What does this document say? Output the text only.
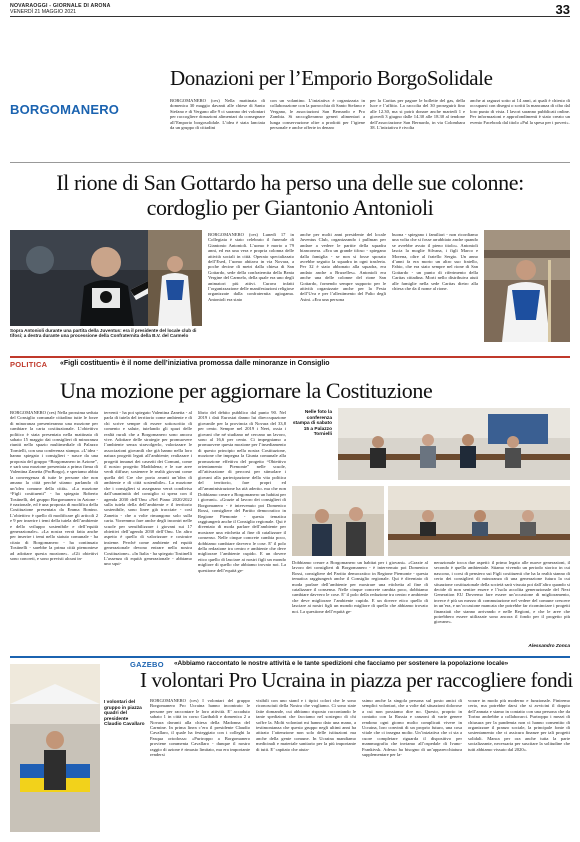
NOVARAOGGI - GIORNALE DI ARONA
VENERDÌ 21 MAGGIO 2021	33
Donazioni per l’Emporio BorgoSolidale
BORGOMANERO
BORGOMANERO (ces) Nella mattinata di domenica 30 maggio davanti alle chiese di Santo Stefano e di Vergano alle 9 ci saranno dei volontari per raccogliere donazioni alimentari da consegnare all’Emporio borgosolidale. L’idea è stata lanciata da un gruppo di cittadini
con un volantino. L’iniziativa è organizzata in collaborazione con la parrocchia di Santo Stefano e Vergano, le associazioni San Bernardo e Pro Zambia. Si raccoglieranno generi alimentari a lunga conservazione oltre a prodotti per l’igiene personale e anche offerte in denaro
per la Caritas per pagare le bollette del gas, della luce e l’affitto. La raccolta del 30 proseguirà fino alle 12.30, ma si potrà donare anche martedì 1 e giovedì 3 giugno dalle 14.30 alle 18.30 al tendone dell’associazione San Bernardo, in via Colombara 38. L’iniziativa è rivolta
anche ai ragazzi sotto ai 14 anni, ai quali è chiesto di occuparsi con disegni o scritti la mancanza di cibo dal loro punto di vista. I lavori saranno pubblicati online. Per informazioni e approfondimenti è stato creato un evento Facebook dal titolo «Pul la spesa per i poveri».
Il rione di San Gottardo ha perso una delle sue colonne:
cordoglio per Giantonio Antonioli
Sopra Antonioli durante una partita della Juventus: era il presidente del locale club di tifosi; a destra durante una processione della Confraternita della B.V. del Carmelo
BORGOMANERO (ces) Lunedì 17 in Collegiata è stato celebrato il funerale di Giantonio Antonioli. L’uomo è morto a 79 anni, ed era una vera e propria colonna delle attività sociali in città. Operaio specializzato dell’Esed, l’uomo abitava in via Novara, a poche decine di metri dalla chiesa di San Gottardo, sede della confraternita della Beata Vergine del Carmelo, della quale era uno degli animatori più attivi. Curava infatti l’organizzazione delle manifestazioni religiose organizzate dalla confraternita agiogama. Antonioli era stato
anche per molti anni presidente del locale Juventus Club, organizzando i pullman per andare a vedere le partite della squadra bianconera. «Era un grande tifoso - spiegano dalla famiglia - se non si fosse sposato avrebbe seguito la squadra in ogni trasferta. Per 32 è stato abbonato alla squadra, era andato anche a Bruxelles». Antonioli era anche una delle colonne del rione San Gottardo, fornendo sempre supporto per le attività organizzate anche per la Festa dell’Uva e per l’allestimento del Palio degli Asini. «Era una persona
buona - spiegano i familiari - non ricordiamo una volta che si fosse arrabbiato anche quando se avrebbe avuto il pieno titolo». Antonioli lascia la moglie Silvana, i figli Marco e Morena, oltre al fratello Sergio. Un anno d’anni fa era morto un altro suo fratello, Fabio, che era stato sempre nel rione di San Gottardo - un punto di riferimento della Caritas cittadina. Morti nello distribuiva aiuti alle famiglie nella sede Caritas dietro alla chiesa che da il nome al rione.
POLITICA «Figli costituenti» è il nome dell’iniziativa promossa dalle minoranze in Consiglio
Una mozione per aggiornare la Costituzione
BORGOMANERO (ces) Nella prossima seduta del Consiglio comunale cittadino tutte le forze di minoranza presenteranno una mozione per cambiare la carta costituzionale. L’obiettivo politico è stata presentata nella mattinata di sabato 15 maggio dai consiglieri di minoranza riuniti nello spazio multimediale di Palazzo Tornielli, con una conferenza stampa. «L’idea - hanno spiegato i consiglieri - nasce da una proposta del gruppo “Borgomanero in Azione”, e sarà una mozione presentata a prima firma di Valentina Zanetta (ProBorgo), e speriamo abbia la convergenza di tutte le persone che non amano la città perché stiamo parlando di un’idea comune della città». «La mozione “Figli costituenti” - ha spiegato Roberto Tostinelli, del gruppo Borgomanero in Azione - è nazionale, ed è una proposta di modifica della Costituzione presentata da Emma Bonino. L’obiettivo è quello di modificare gli articoli 2 e 9 per inserire i temi della tutela dell’ambiente e dello sviluppo sostenibile e dell’equità generazionale». «La nostra verrà fatta anche per inserire i temi nello statuto comunale - ha citato di Borgomanero - ha continuato Tostinelli - sarebbe la prima città piemontese ad adottare questa mozione». «Gli obiettivi sono concreti, e sono previsti alcuni in-
terventi - ha poi spiegato Valentina Zanetta - al parla di tutela del territorio come ambiente e di chi scrive sempre di essere sottoscritto di comento e salute, tutelando gli spazi delle realtà rurali che a Borgomanero sono ancora vive. Adottare delle strategie per promuovere l’ambiente senza stravolgerlo, valorizzare le associazioni giovanili che già hanno nella loro natura progetti legati all’ambiente; realizzare i progetti innanzi dei caseziti dei Comuni, come il nostro progetto Maddalena; e le sue aree verdi diffuse; sostenere le realtà giovani come quella del Cre che porta avanti un’idea di ambiente e di città sostenibile». La mozione che i consiglieri si assegnano verrà condivisa dall’unanimità del consiglio si spera con il agenda 2030 dell’Onu «Nel Piano 2020/2022 sulla tutela della dell’ambiente e il territorio sostenibile, sono linee già tracciate - così Zanetta - che a volte rimangono solo sulla carta. Vorremmo fare anche degli incontri nelle scuole per sensibilizzare i giovani sui 17 obiettivi dell’agenda 2030 dell’Onu. Un altro aspetto è quello di valorizzare e costruire insieme. Perché come ambiente ed equità generazionale devono entrare nella nostra Costituzione». «In Italia - ha spiegato Tostinelli L’assenza di equità generazionale - abbiamo uno squi-
librio del debito pubblico dal punto 90. Nel 2019 i dati Eurostat danno lui direccupazione giovanile per la provincia di Novara del 33,8 per cento. Sempre nel 2019 i Neet, ossia i giovani che né studiano né cercano un lavoro, sono al 16,6 per cento. Ci impegniamo a promuovere questa mozione per l’insediamento di questo principio nella nostra Costituzione, mozione che impegna la Giunta comunale alla promozione effettiva del progetto “Obiettivo orientamento Piemonte” nelle scuole, all’attivazione di percorsi per stimolare i giovani alla partecipazione della vita politica del territorio, fare propri ed all’amministrazione ha già aderito, ma che non
Nelle foto la conferenza stampa di sabato 15 a Palazzo Tornielli
Dobbiamo creare a Borgomanero un habitat per i giovani». «Grazie al lavoro dei consiglieri di Borgomanero - è intervenuto poi Domenico Rossi, consigliere del Partito democratico in Regione Piemonte - questa tematica raggiungerà anche il Consiglio regionale. Qui è diventato di moda parlare dell’ambiente per mostrare una etichetta al fine di catalizzare il consenso. Nelle cinque concrete cambia poco, dobbiamo cambiare davvero le cose. E’ il polo della redazione tra centro e ambiente che deve migliorare l’ambiente cupido. E un dovere etico quello di lasciare ai nostri figli un mondo migliore di quello che abbiamo trovato noi. La questione dell’equità ge-
Dobbiamo creare a Borgomanero un habitat per i giovani». «Grazie al lavoro dei consiglieri di Borgomanero - è intervenuto poi Domenico Rossi, consigliere del Partito democratico in Regione Piemonte - questa tematica raggiungerà anche il Consiglio regionale. Qui è diventato di moda parlare dell’ambiente per mostrare una etichetta al fine di catalizzare il consenso. Nelle cinque concrete cambia poco, dobbiamo cambiare davvero le cose. E’ il polo della redazione tra centro e ambiente che deve migliorare l’ambiente cupido. E un dovere etico quello di lasciare ai nostri figli un mondo migliore di quello che abbiamo trovato noi. La questione dell’equità ge-
nerazionale tocca due aspetti: il primo legato alle nuove generazioni, il secondo è quello ambientale. Stiamo vivendo un periodo storico in cui nascono, i corsi di pensiero sui Figli costituenti che ha la realtà stanno di certo dei consiglieri di minoranza di una generazione futura la cui situazione costituzionale della società sarà vissuta poi dall’altro quando si decide di non sentire essere e l’isola accolita generazionale del Next Generation EU Dovremo fare essere un’occasione di miglioramento, invece è più un mezzo di commutazione nel vedere del comune crescere in un’era, e un’occasione mancata che potrebbe far ricominciare i progetti finanziati che stanno arrivando e nelle Regioni, e che le aree che potrebbero essere utilizzate sono ancora il fondo per il progetto più giovane».
Alessandro Zonca
GAZEBO «Abbiamo raccontato le nostre attività e le tante spedizioni che facciamo per sostenere la popolazione locale»
I volontari Pro Ucraina in piazza per raccogliere fondi
I volontari del gruppo in piazza quadri del presidente Claudio Cavallaro
BORGOMANERO (ces) I volontari del gruppo Borgomanero Pro Ucraina hanno incontrato le persone per raccontare le loro attività. E’ accaduto sabato 1 in città in corso Garibaldi e domenica 2 a Novara davanti alla chiesa della Madonna del Carmine. In prima linea c’era il presidente Claudio Cavallaro, il quale ha festeggiato con i colleghi la Pasqua ortodossa: «Purtroppo a Borgomanero proviene commenta Cavallaro - dunque il nostro raggio di azione è rimasto limitato, ma era importante rendersi
visibili con uno stand e i tipici colori che le sono riconosciuti della Nostra che vogliamo. Ci sono state fatte domande, cui abbiamo risposto raccontando le tante spedizioni che facciamo nel sostegno di chi soffre la. Molti volontari mi hanno dato una mano, a testimonianza che questo gruppo negli ultimi anni ha attirato l’attenzione non solo delle istituzioni ma anche della gente comune. In Ucraina mandiamo medicinali e materiale sanitario per la più importante di tutti. E’ capitato che aiuta-
ssimo anche la singola persona sul posto amici di semplici volontari, che a volte dal situazioni dolorose a cui non possiamo dire no. Questo, proprio in contatto con la Russia e canzoni di varie genere rendono ogni giorno molto complicati vivere in Ucraina, loro convinti di un proprio futuro, una cosa vitale che ci insegna molto. Un’iniziativa che ci sta a cuore completare riguarda il dispositivo per mammografia che inviamo all’ospedale di Ivano-Frankivsk. Adesso ha bisogno di un’apparecchiatura supplementare per la-
vorare in modo più moderno e funzionale. Finiremo certo, ma potrebbe darsi che si avvicini il doppio dell’annata e siamo in contatto con una persona che da Torino andrebbe a collaborarci. Purtroppo i mezzi di chiusura per la pandemia non ci hanno consentito di organizzare il pranzo sociale, la principale fonte di sostentamento che ci assicura finanze per tali progetti solidali. Manca per ora anche tutta la parte socializzante, necessaria per suscitare la solitudine che tutti abbiamo vissuto dal 2020».
